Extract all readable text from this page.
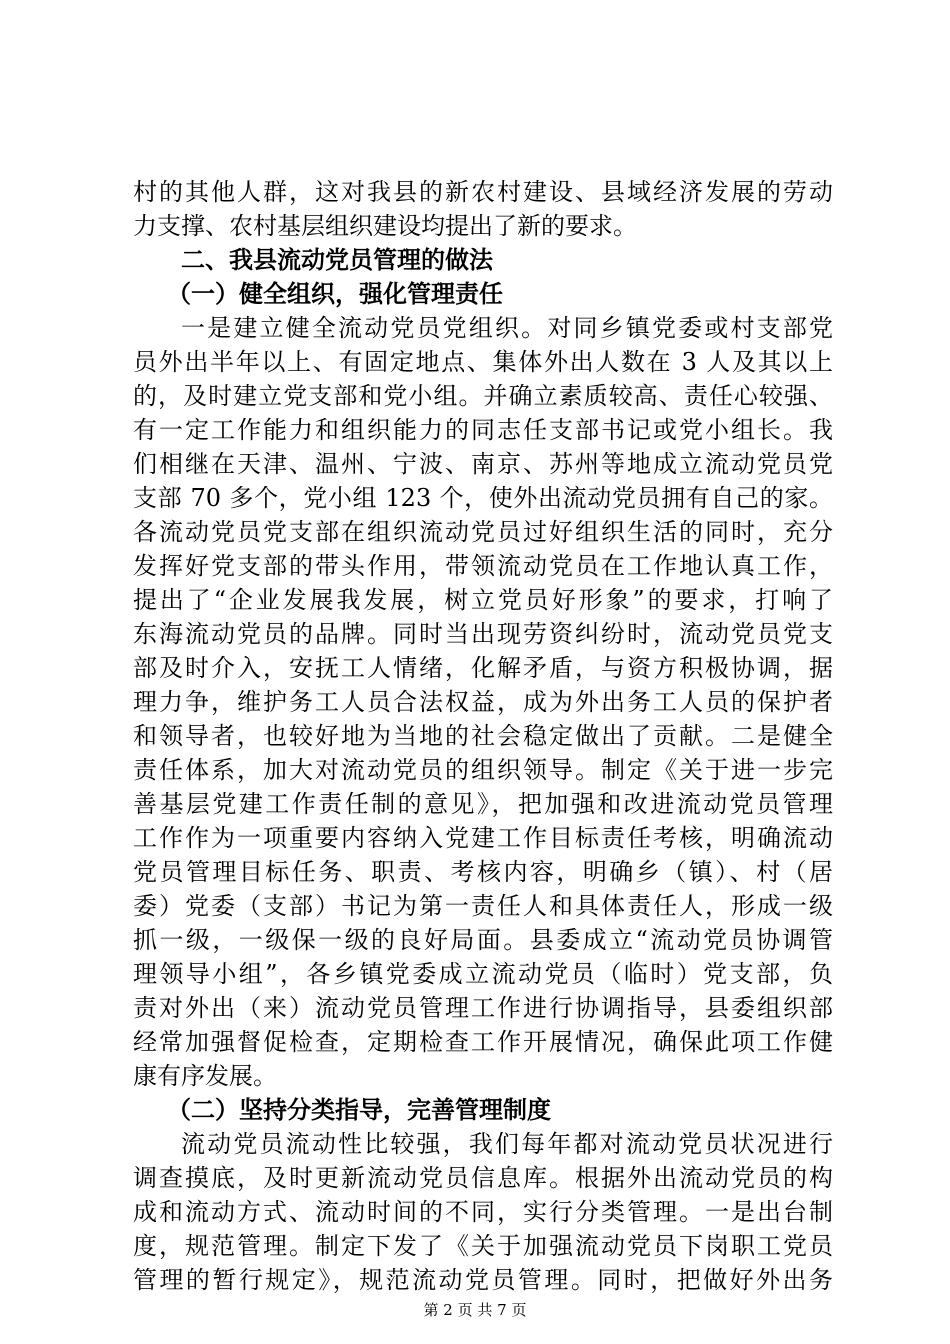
村的其他人群，这对我县的新农村建设、县域经济发展的劳动
力支撑、农村基层组织建设均提出了新的要求。
二、我县流动党员管理的做法
（一）健全组织，强化管理责任
一是建立健全流动党员党组织。对同乡镇党委或村支部党
员外出半年以上、有固定地点、集体外出人数在 3 人及其以上
的，及时建立党支部和党小组。并确立素质较高、责任心较强、
有一定工作能力和组织能力的同志任支部书记或党小组长。我
们相继在天津、温州、宁波、南京、苏州等地成立流动党员党
支部 70 多个，党小组 123 个，使外出流动党员拥有自己的家。
各流动党员党支部在组织流动党员过好组织生活的同时，充分
发挥好党支部的带头作用，带领流动党员在工作地认真工作，
提出了“企业发展我发展，树立党员好形象”的要求，打响了
东海流动党员的品牌。同时当出现劳资纠纷时，流动党员党支
部及时介入，安抚工人情绪，化解矛盾，与资方积极协调，据
理力争，维护务工人员合法权益，成为外出务工人员的保护者
和领导者，也较好地为当地的社会稳定做出了贡献。二是健全
责任体系，加大对流动党员的组织领导。制定《关于进一步完
善基层党建工作责任制的意见》，把加强和改进流动党员管理
工作作为一项重要内容纳入党建工作目标责任考核，明确流动
党员管理目标任务、职责、考核内容，明确乡（镇）、村（居
委）党委（支部）书记为第一责任人和具体责任人，形成一级
抓一级，一级保一级的良好局面。县委成立“流动党员协调管
理领导小组”，各乡镇党委成立流动党员（临时）党支部，负
责对外出（来）流动党员管理工作进行协调指导，县委组织部
经常加强督促检查，定期检查工作开展情况，确保此项工作健
康有序发展。
（二）坚持分类指导，完善管理制度
流动党员流动性比较强，我们每年都对流动党员状况进行
调查摸底，及时更新流动党员信息库。根据外出流动党员的构
成和流动方式、流动时间的不同，实行分类管理。一是出台制
度，规范管理。制定下发了《关于加强流动党员下岗职工党员
管理的暂行规定》，规范流动党员管理。同时，把做好外出务
第 2 页 共 7 页
